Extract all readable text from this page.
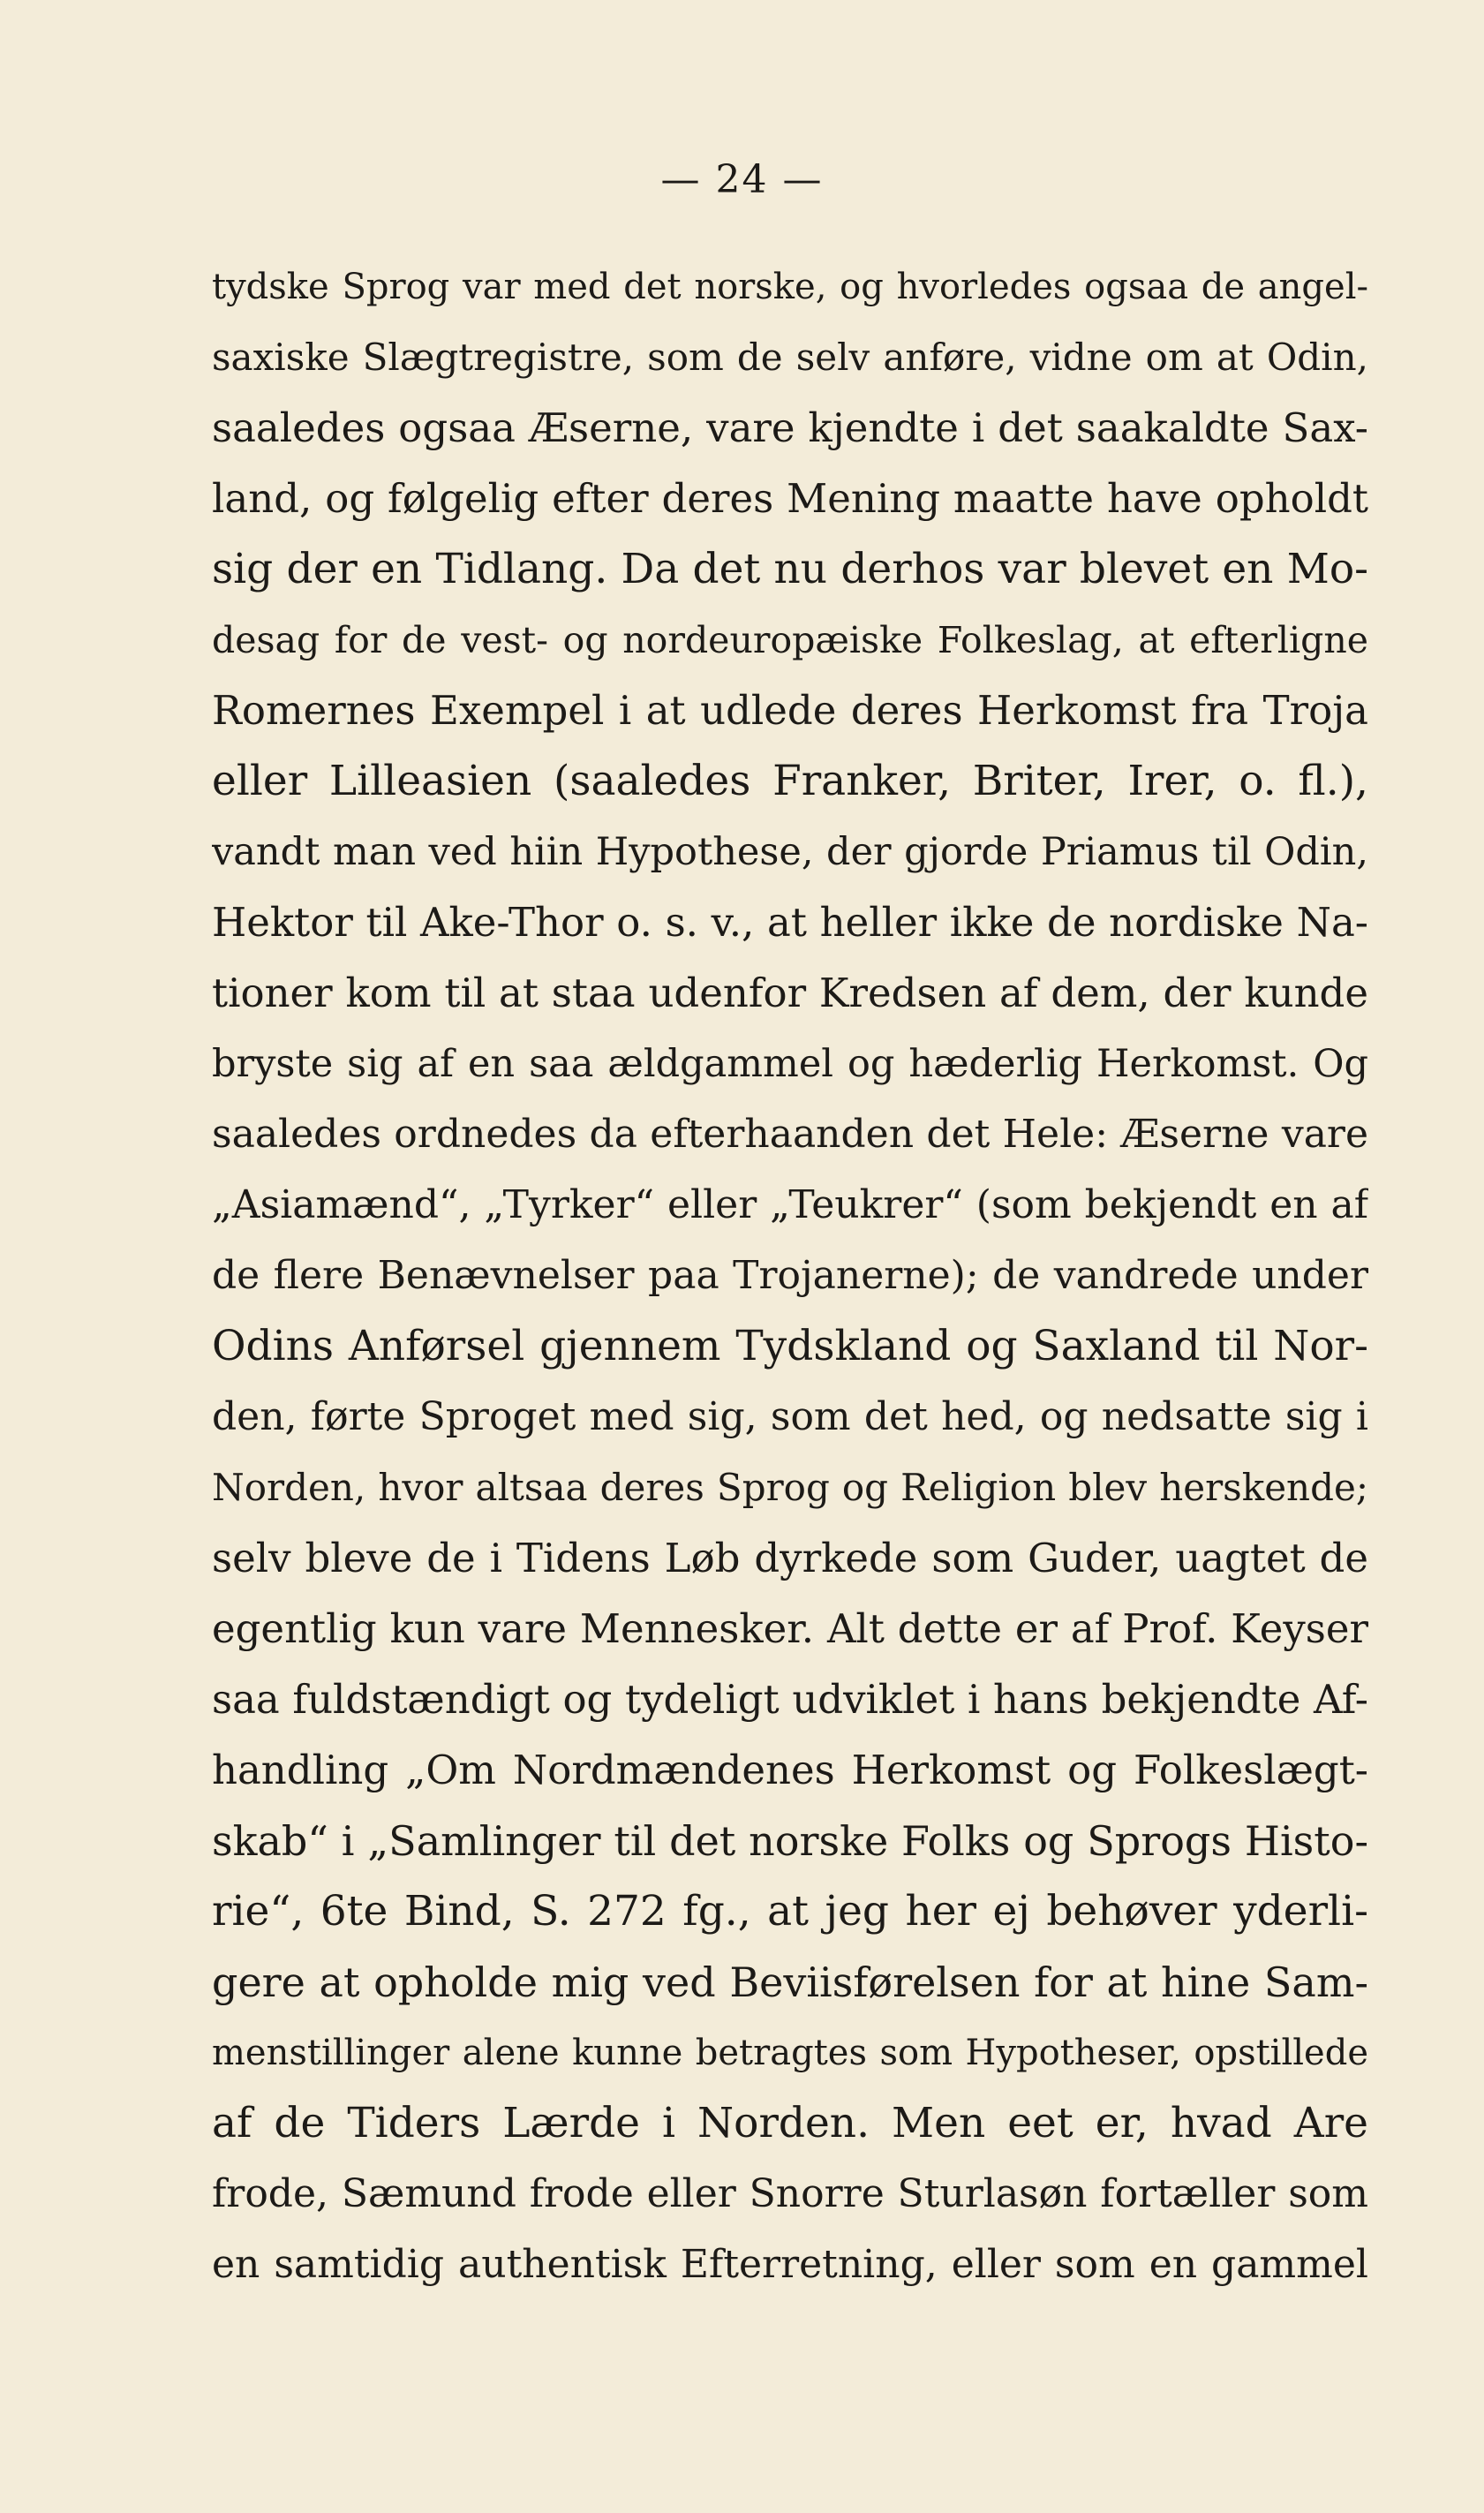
— 24 —
tydske Sprog var med det norske, og hvorledes ogsaa de angel-
saxiske Slægtregistre, som de selv anføre, vidne om at Odin,
saaledes ogsaa Æserne, vare kjendte i det saakaldte Sax-
land, og følgelig efter deres Mening maatte have opholdt
sig der en Tidlang. Da det nu derhos var blevet en Mo-
desag for de vest- og nordeuropæiske Folkeslag, at efterligne
Romernes Exempel i at udlede deres Herkomst fra Troja
eller Lilleasien (saaledes Franker, Briter, Irer, o. fl.),
vandt man ved hiin Hypothese, der gjorde Priamus til Odin,
Hektor til Ake-Thor o. s. v., at heller ikke de nordiske Na-
tioner kom til at staa udenfor Kredsen af dem, der kunde
bryste sig af en saa ældgammel og hæderlig Herkomst. Og
saaledes ordnedes da efterhaanden det Hele: Æserne vare
„Asiamænd“, „Tyrker“ eller „Teukrer“ (som bekjendt en af
de flere Benævnelser paa Trojanerne); de vandrede under
Odins Anførsel gjennem Tydskland og Saxland til Nor-
den, førte Sproget med sig, som det hed, og nedsatte sig i
Norden, hvor altsaa deres Sprog og Religion blev herskende;
selv bleve de i Tidens Løb dyrkede som Guder, uagtet de
egentlig kun vare Mennesker. Alt dette er af Prof. Keyser
saa fuldstændigt og tydeligt udviklet i hans bekjendte Af-
handling „Om Nordmændenes Herkomst og Folkeslægt-
skab“ i „Samlinger til det norske Folks og Sprogs Histo-
rie“, 6te Bind, S. 272 fg., at jeg her ej behøver yderli-
gere at opholde mig ved Beviisførelsen for at hine Sam-
menstillinger alene kunne betragtes som Hypotheser, opstillede
af de Tiders Lærde i Norden. Men eet er, hvad Are
frode, Sæmund frode eller Snorre Sturlasøn fortæller som
en samtidig authentisk Efterretning, eller som en gammel
